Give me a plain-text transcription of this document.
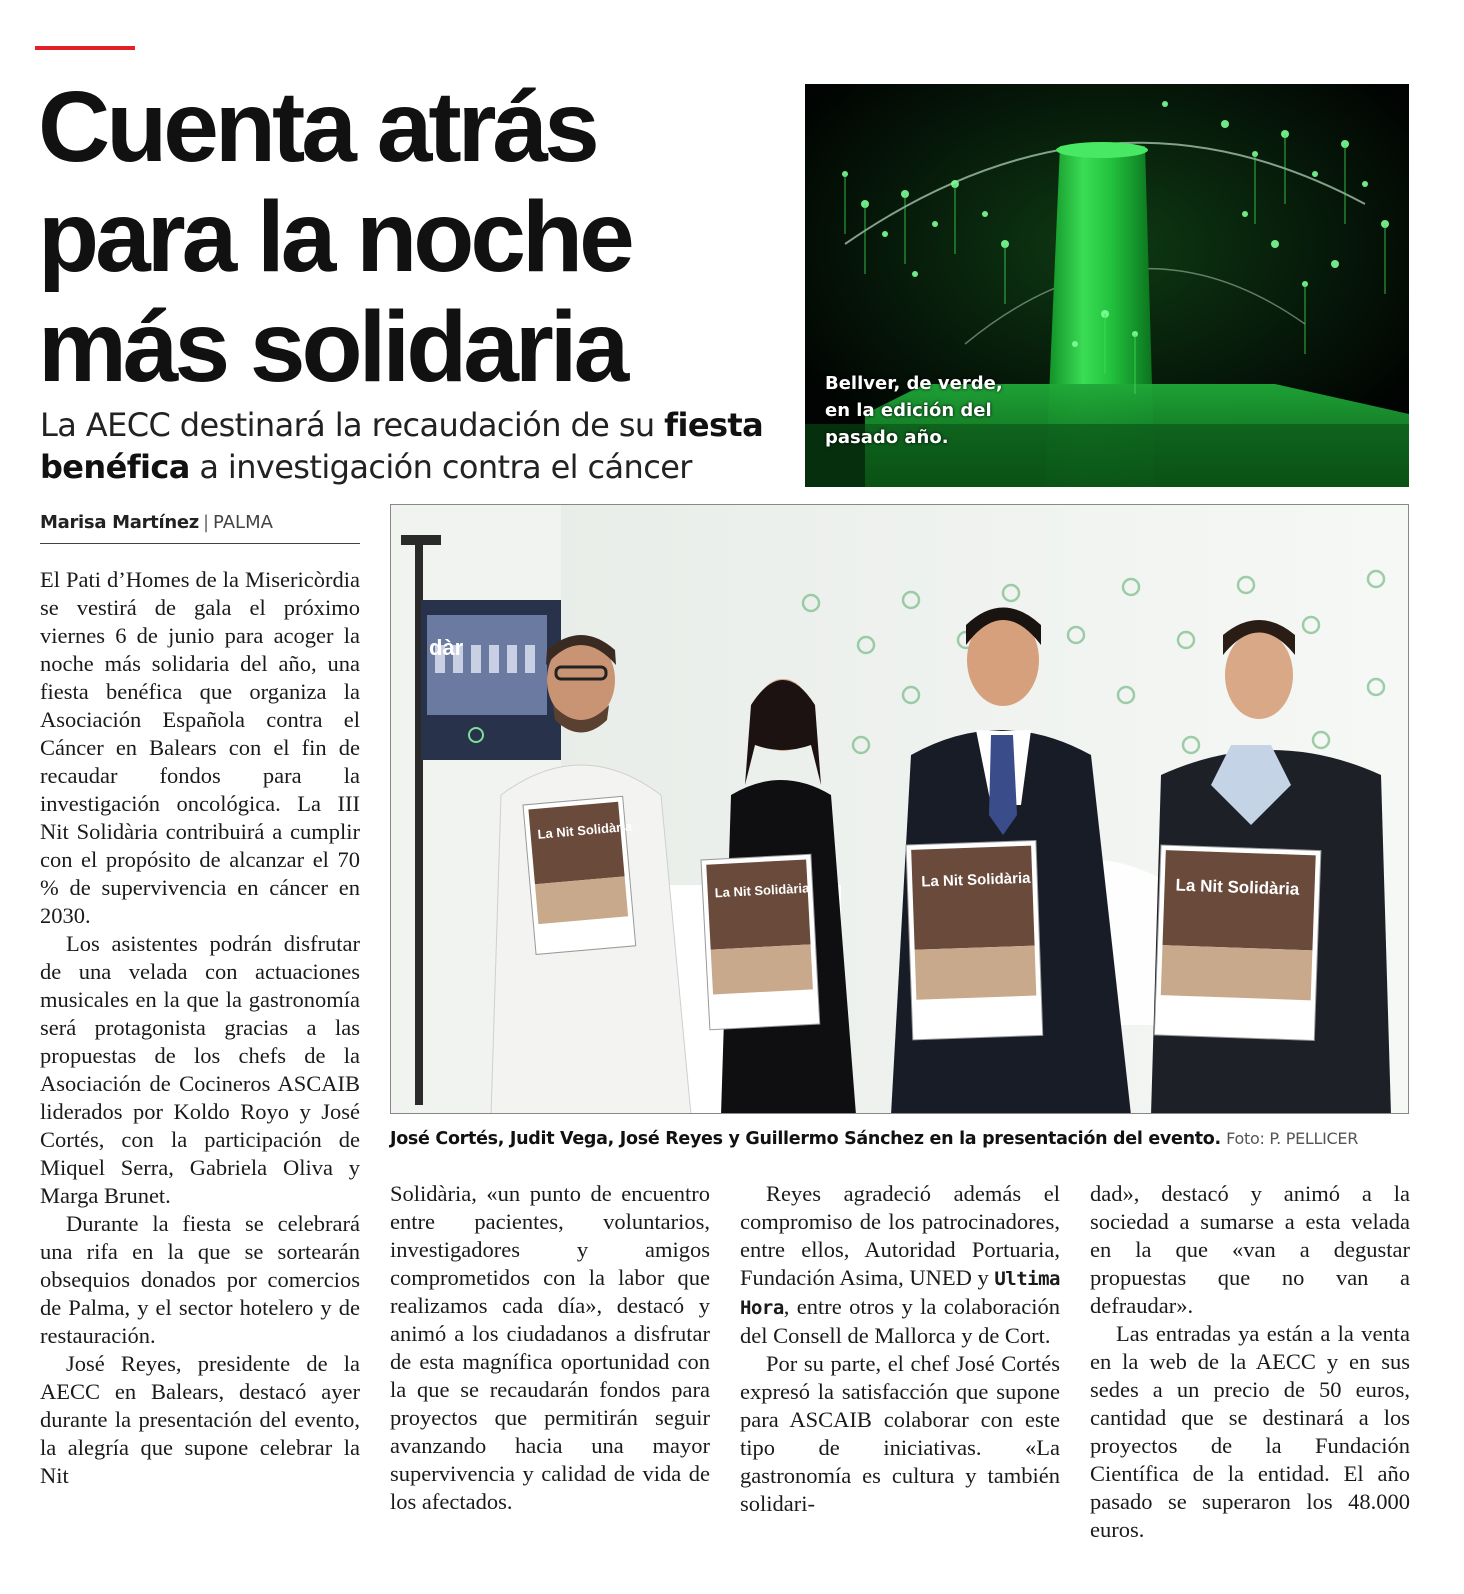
Cuenta atrás
para la noche
más solidaria
La AECC destinará la recaudación de su fiesta benéfica a investigación contra el cáncer
Bellver, de verde,
en la edición del
pasado año.
Marisa Martínez | PALMA

El Pati d’Homes de la Misericòrdia se vestirá de gala el próximo viernes 6 de junio para acoger la noche más solidaria del año, una fiesta benéfica que organiza la Asociación Española contra el Cáncer en Balears con el fin de recaudar fondos para la investigación oncológica. La III Nit Solidària contribuirá a cumplir con el propósito de alcanzar el 70 % de supervivencia en cáncer en 2030.

Los asistentes podrán disfrutar de una velada con actuaciones musicales en la que la gastronomía será protagonista gracias a las propuestas de los chefs de la Asociación de Cocineros ASCAIB liderados por Koldo Royo y José Cortés, con la participación de Miquel Serra, Gabriela Oliva y Marga Brunet.

Durante la fiesta se celebrará una rifa en la que se sortearán obsequios donados por comercios de Palma, y el sector hotelero y de restauración.

José Reyes, presidente de la AECC en Balears, destacó ayer durante la presentación del evento, la alegría que supone celebrar la Nit

dàr
La Nit Solidària
La Nit Solidària	La Nit Solidària	La Nit Solidària
José Cortés, Judit Vega, José Reyes y Guillermo Sánchez en la presentación del evento. Foto: P. PELLICER

Solidària, «un punto de encuentro entre pacientes, voluntarios, investigadores y amigos comprometidos con la labor que realizamos cada día», destacó y animó a los ciudadanos a disfrutar de esta magnífica oportunidad con la que se recaudarán fondos para proyectos que permitirán seguir avanzando hacia una mayor supervivencia y calidad de vida de los afectados.

Reyes agradeció además el compromiso de los patrocinadores, entre ellos, Autoridad Portuaria, Fundación Asima, UNED y Ultima Hora, entre otros y la colaboración del Consell de Mallorca y de Cort.

Por su parte, el chef José Cortés expresó la satisfacción que supone para ASCAIB colaborar con este tipo de iniciativas. «La gastronomía es cultura y también solidari-

dad», destacó y animó a la sociedad a sumarse a esta velada en la que «van a degustar propuestas que no van a defraudar».

Las entradas ya están a la venta en la web de la AECC y en sus sedes a un precio de 50 euros, cantidad que se destinará a los proyectos de la Fundación Científica de la entidad. El año pasado se superaron los 48.000 euros.
